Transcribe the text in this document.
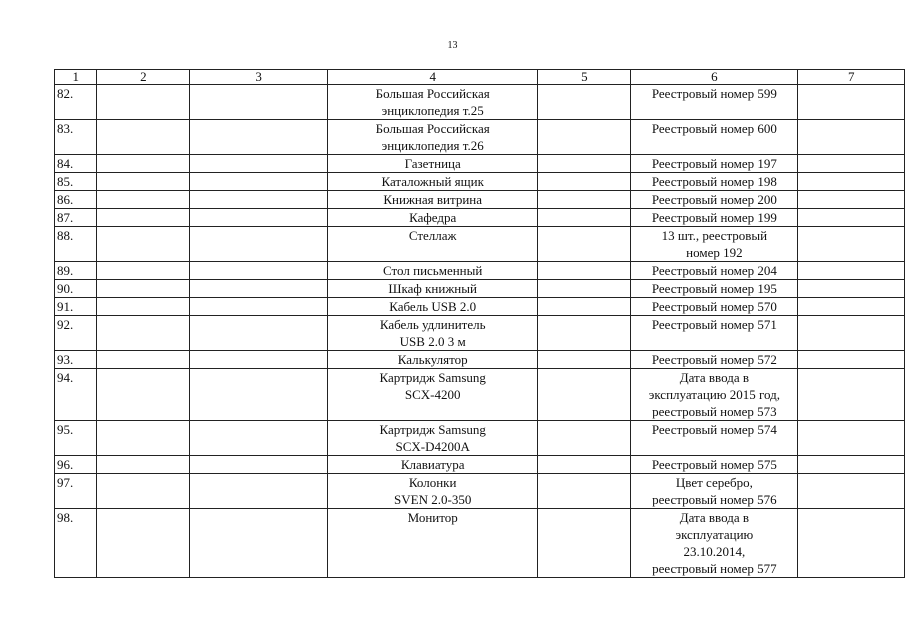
13
1	2	3	4	5	6	7
82.			Большая Российская
энциклопедия т.25		Реестровый номер 599	

83.			Большая Российская
энциклопедия т.26		Реестровый номер 600	

84.			Газетница		Реестровый номер 197	

85.			Каталожный ящик		Реестровый номер 198	

86.			Книжная витрина		Реестровый номер 200	

87.			Кафедра		Реестровый номер 199	

88.			Стеллаж		13 шт., реестровый
номер 192	

89.			Стол письменный		Реестровый номер 204	

90.			Шкаф книжный		Реестровый номер 195	

91.			Кабель USB 2.0		Реестровый номер 570	

92.			Кабель удлинитель
USB 2.0 3 м		Реестровый номер 571	

93.			Калькулятор		Реестровый номер 572	

94.			Картридж Samsung
SCX-4200		Дата ввода в
эксплуатацию 2015 год,
реестровый номер 573	

95.			Картридж Samsung
SCX-D4200A		Реестровый номер 574	

96.			Клавиатура		Реестровый номер 575	

97.			Колонки
SVEN 2.0-350		Цвет серебро,
реестровый номер 576	

98.			Монитор		Дата ввода в
эксплуатацию
23.10.2014,
реестровый номер 577	
